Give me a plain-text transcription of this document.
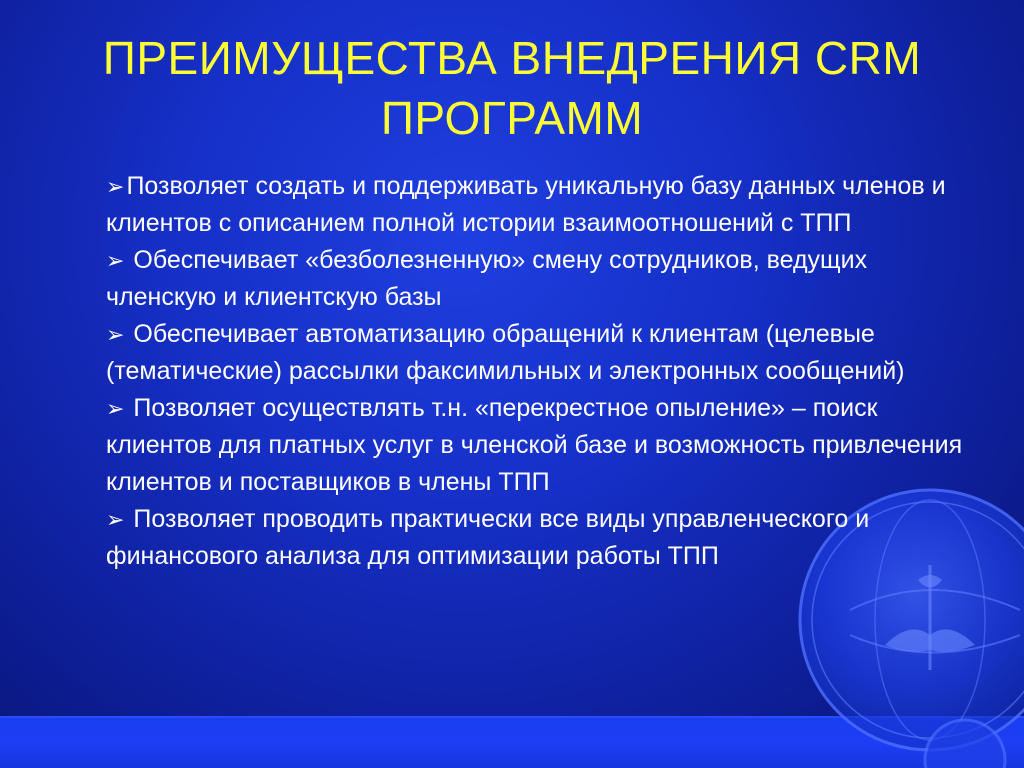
ПРЕИМУЩЕСТВА ВНЕДРЕНИЯ CRM
ПРОГРАММ

➢Позволяет создать и поддерживать уникальную базу данных членов и клиентов с описанием полной истории взаимоотношений с ТПП

➢ Обеспечивает «безболезненную» смену сотрудников, ведущих членскую и клиентскую базы

➢ Обеспечивает автоматизацию обращений к клиентам (целевые (тематические) рассылки факсимильных и электронных сообщений)

➢ Позволяет осуществлять т.н. «перекрестное опыление» – поиск клиентов для платных услуг в членской базе и возможность привлечения клиентов и поставщиков в члены ТПП

➢ Позволяет проводить практически все виды управленческого и финансового анализа для оптимизации работы ТПП
